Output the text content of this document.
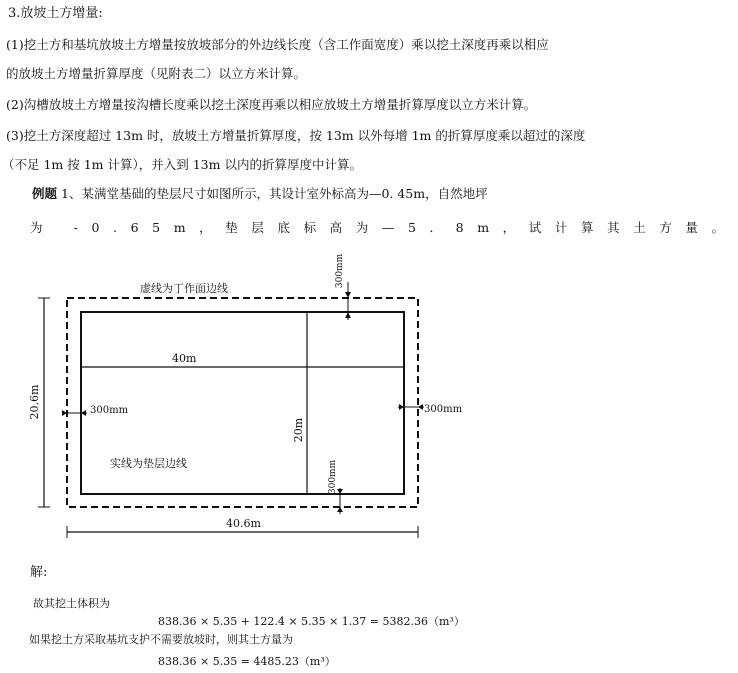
3.放坡土方增量:
(1)挖土方和基坑放坡土方增量按放坡部分的外边线长度（含工作面宽度）乘以挖土深度再乘以相应
的放坡土方增量折算厚度（见附表二）以立方米计算。
(2)沟槽放坡土方增量按沟槽长度乘以挖土深度再乘以相应放坡土方增量折算厚度以立方米计算。
(3)挖土方深度超过 13m 时，放坡土方增量折算厚度，按 13m 以外每增 1m 的折算厚度乘以超过的深度
（不足 1m 按 1m 计算），并入到 13m 以内的折算厚度中计算。
例题 1、某满堂基础的垫层尺寸如图所示，其设计室外标高为—0. 45m，自然地坪
为 -0.65m，垫层底标高为—5．8m，试计算其土方量。
虚线为丁作面边线
实线为垫层边线
40m
40.6m
300mm	300mm
20.6m
20m
300mm
300mm
解:
故其挖土体积为
838.36 × 5.35 + 122.4 × 5.35 × 1.37 = 5382.36（m³）
如果挖土方采取基坑支护不需要放坡时，则其土方量为
838.36 × 5.35 = 4485.23（m³）
